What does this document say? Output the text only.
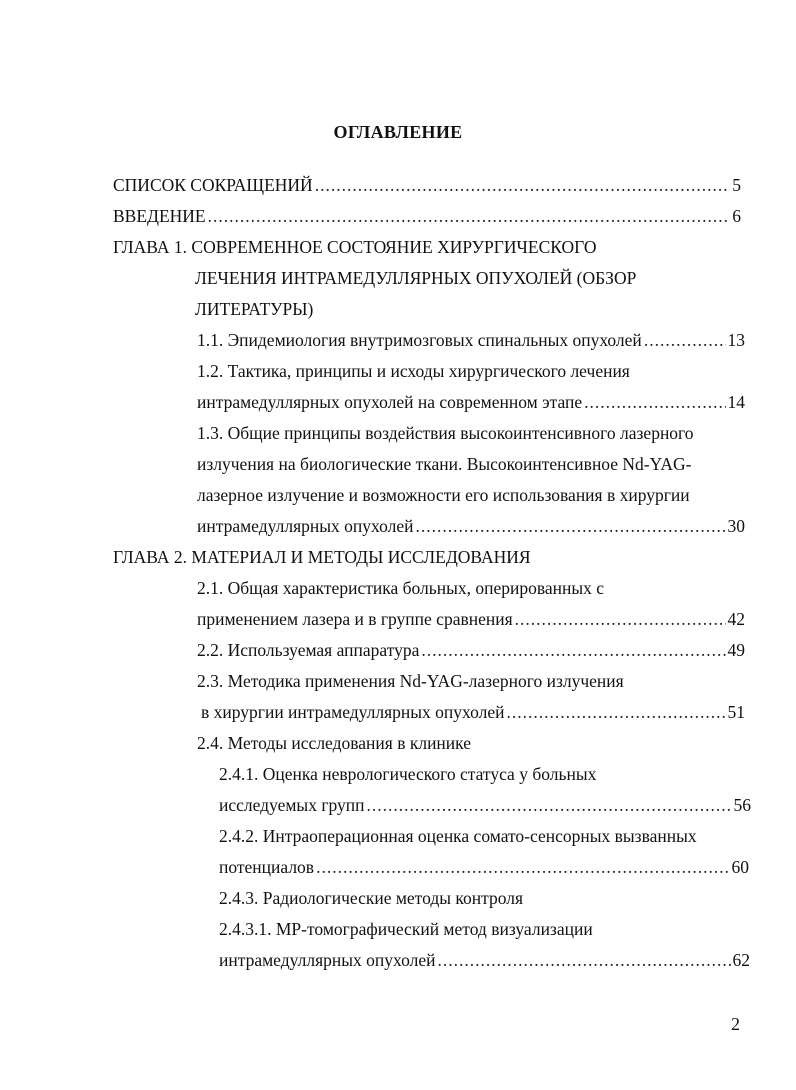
ОГЛАВЛЕНИЕ
СПИСОК СОКРАЩЕНИЙ .....	5
ВВЕДЕНИЕ .....	6
ГЛАВА 1. СОВРЕМЕННОЕ СОСТОЯНИЕ ХИРУРГИЧЕСКОГО
ЛЕЧЕНИЯ ИНТРАМЕДУЛЛЯРНЫХ ОПУХОЛЕЙ (ОБЗОР
ЛИТЕРАТУРЫ)
1.1. Эпидемиология внутримозговых спинальных опухолей .....	13
1.2. Тактика, принципы и исходы хирургического лечения
интрамедуллярных опухолей на современном этапе .....	14
1.3. Общие принципы воздействия высокоинтенсивного лазерного
излучения на биологические ткани. Высокоинтенсивное Nd-YAG-
лазерное излучение и возможности его использования в хирургии
интрамедуллярных опухолей .....	30
ГЛАВА 2. МАТЕРИАЛ И МЕТОДЫ ИССЛЕДОВАНИЯ
2.1. Общая характеристика больных, оперированных с
применением лазера и в группе сравнения .....	42
2.2. Используемая аппаратура .....	49
2.3. Методика применения Nd-YAG-лазерного излучения
в хирургии интрамедуллярных опухолей .....	51
2.4. Методы исследования в клинике
2.4.1. Оценка неврологического статуса у больных
исследуемых групп .....	56
2.4.2. Интраоперационная оценка сомато-сенсорных вызванных
потенциалов .....	60
2.4.3. Радиологические методы контроля
2.4.3.1. МР-томографический метод визуализации
интрамедуллярных опухолей .....	62
2
